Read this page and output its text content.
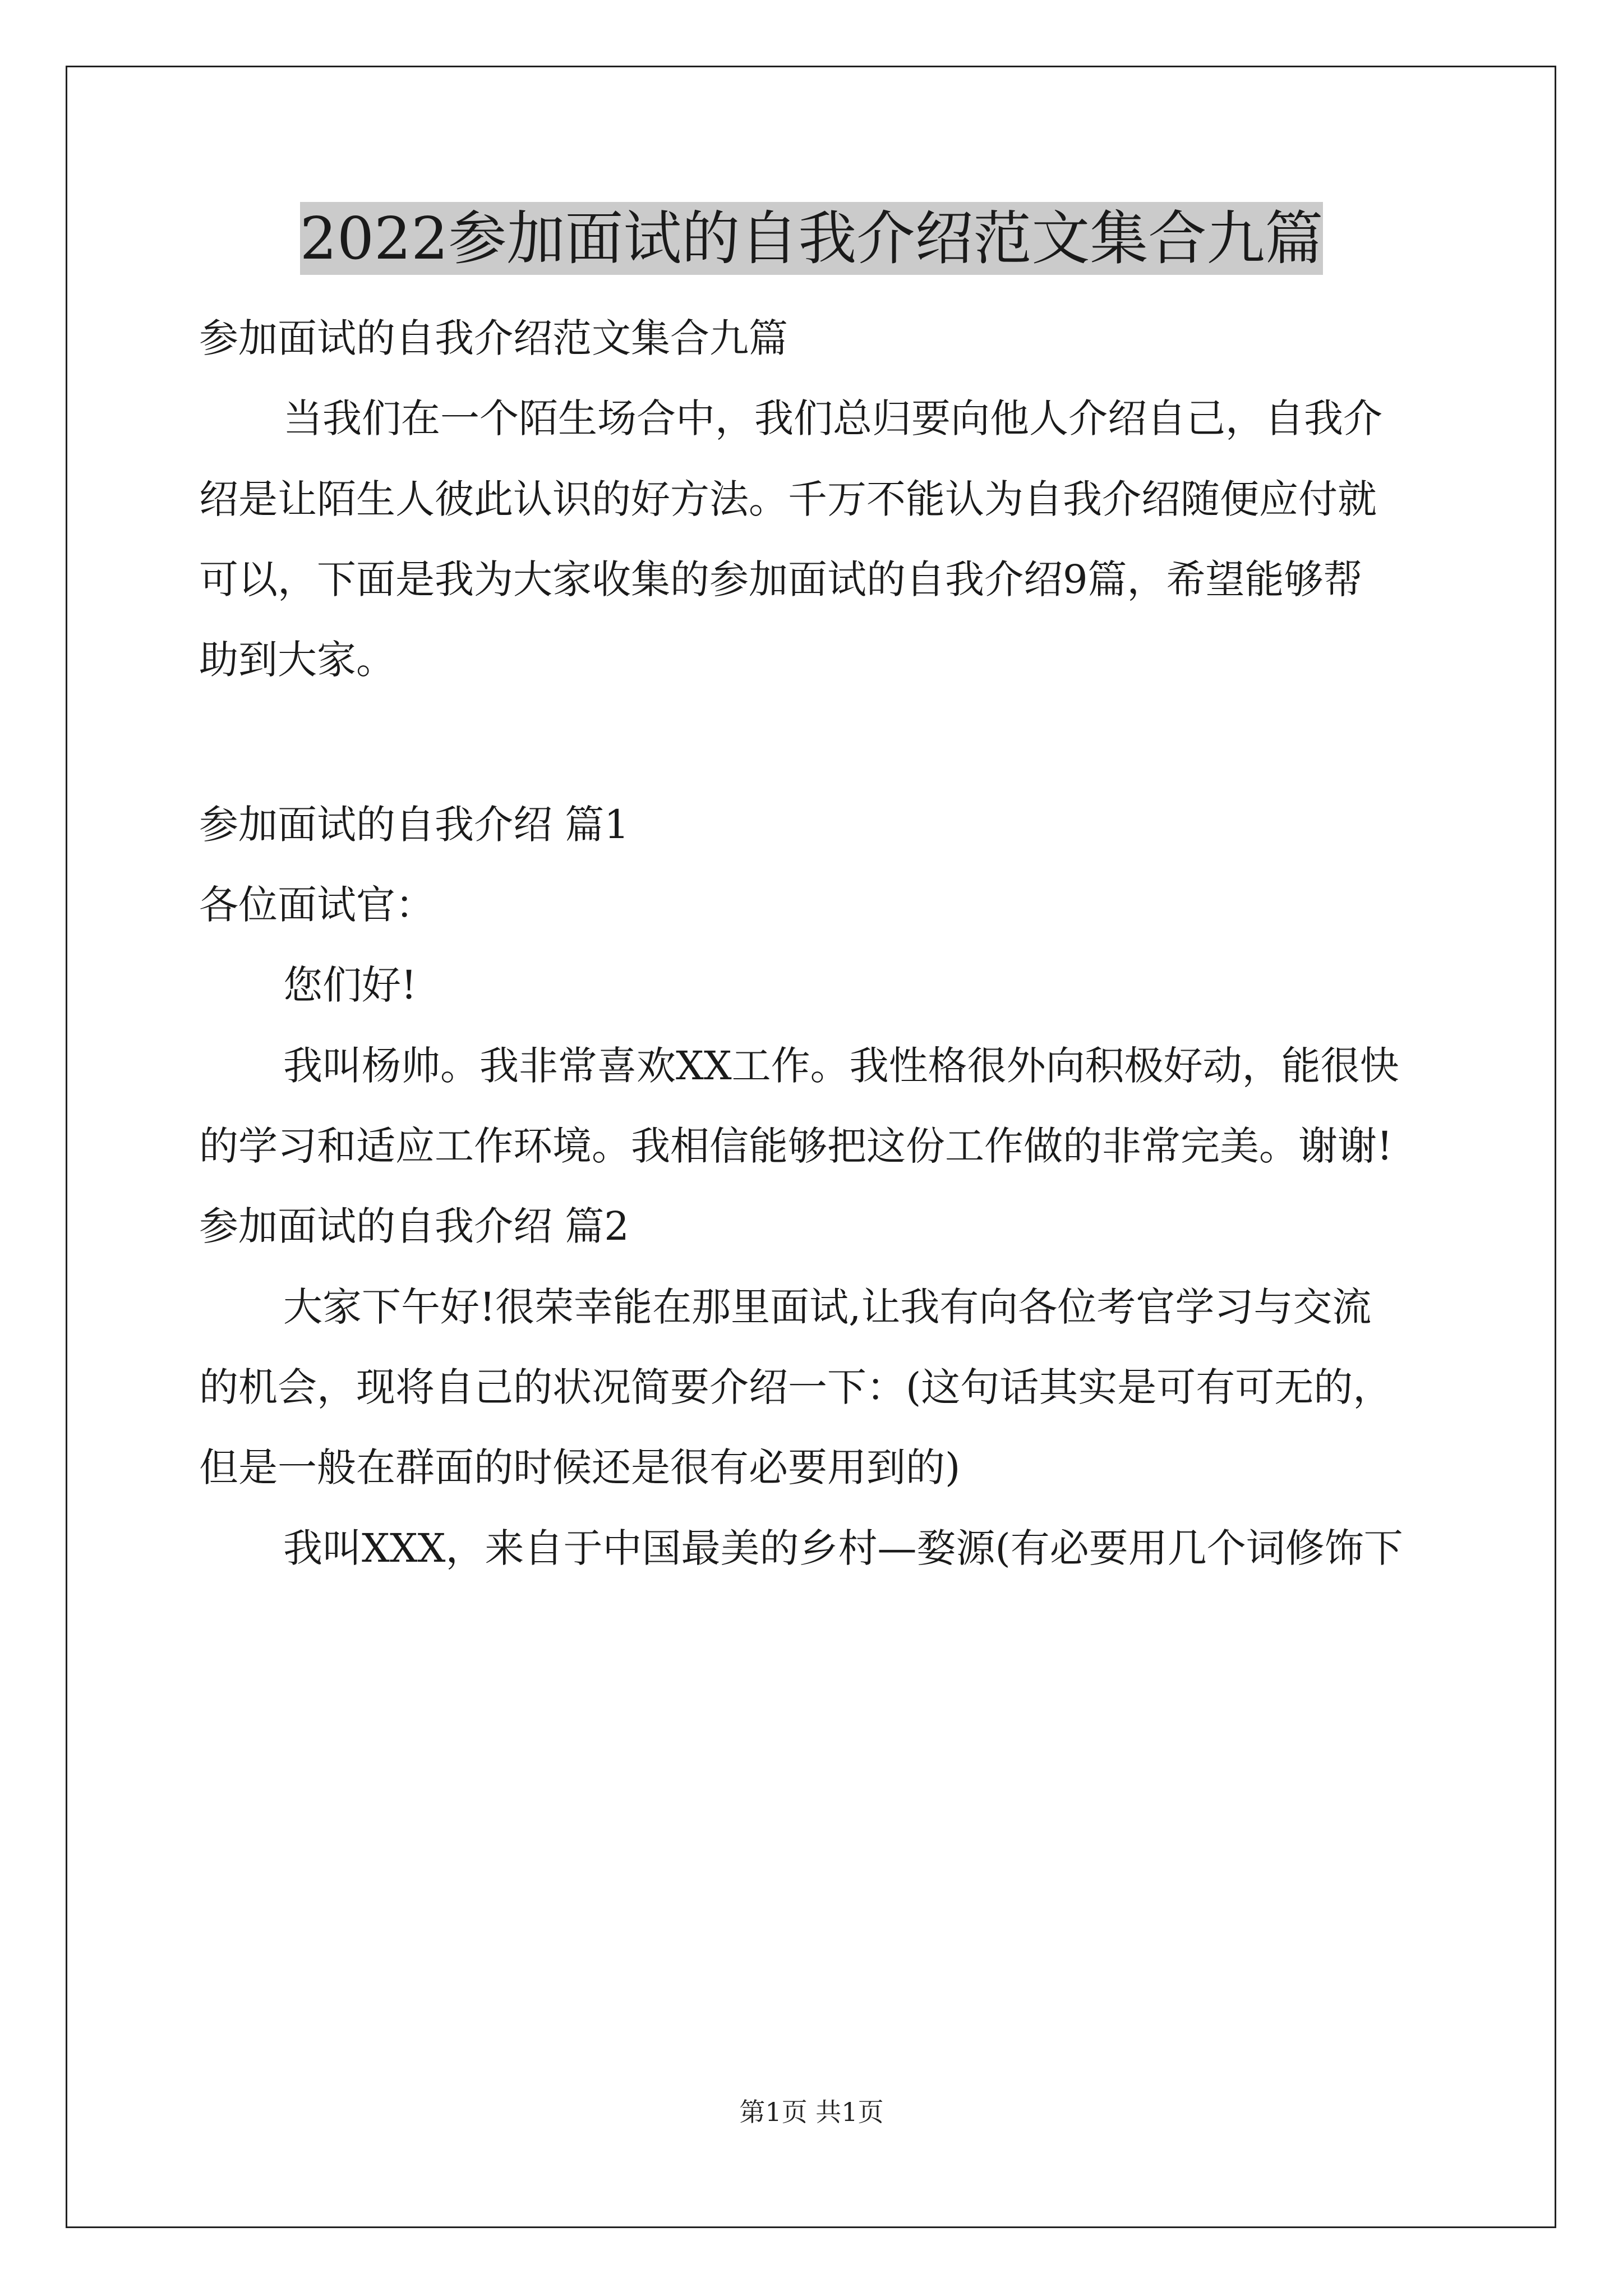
2022参加面试的自我介绍范文集合九篇

参加面试的自我介绍范文集合九篇

当我们在一个陌生场合中，我们总归要向他人介绍自己，自我介

绍是让陌生人彼此认识的好方法。千万不能认为自我介绍随便应付就

可以，下面是我为大家收集的参加面试的自我介绍9篇，希望能够帮

助到大家。

参加面试的自我介绍 篇1

各位面试官：

您们好!

我叫杨帅。我非常喜欢XX工作。我性格很外向积极好动，能很快

的学习和适应工作环境。我相信能够把这份工作做的非常完美。谢谢!

参加面试的自我介绍 篇2

大家下午好!很荣幸能在那里面试,让我有向各位考官学习与交流

的机会，现将自己的状况简要介绍一下：(这句话其实是可有可无的，

但是一般在群面的时候还是很有必要用到的)

我叫XXX，来自于中国最美的乡村—婺源(有必要用几个词修饰下

第1页 共1页
